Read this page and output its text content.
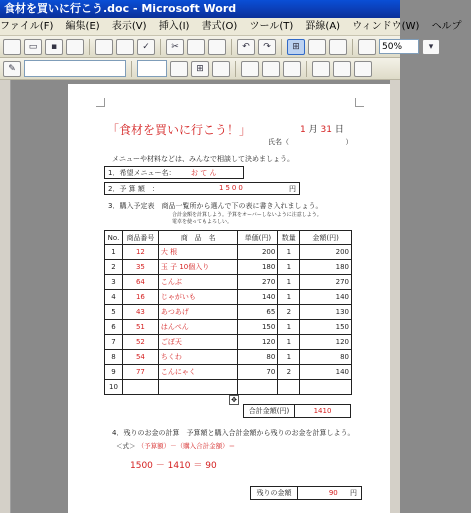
食材を買いに行こう.doc - Microsoft Word
ファイル(F) 編集(E) 表示(V) 挿入(I) 書式(O) ツール(T) 罫線(A) ウィンドウ(W) ヘルプ
▭	▪	✓	✂	↶	↷	⊞	50%	▾
✎	⊞
「食材を買いに行こう！」	1 月 31 日
氏名（	）
メニューや材料などは、みんなで相談して決めましょう。
1．希望メニュー名： お て ん
2．予 算 額　：	1500	円
3．購入予定表　商品一覧所から選んで下の表に書き入れましょう。
合計金額を計算しよう。予算をオーバーしないように注意しよう。
電卓を使ってもよろしい。
No.	商品番号	商　品　名	単価(円)	数量	金額(円)
1	12	大 根	200	1	200
2	35	玉 子 10個入り	180	1	180
3	64	こんぶ	270	1	270
4	16	じゃがいも	140	1	140
5	43	あつあげ	65	2	130
6	51	はんぺん	150	1	150
7	52	ごぼ天	120	1	120
8	54	ちくわ	80	1	80
9	77	こんにゃく	70	2	140
10					
✥
合計金額(円)	1410
4．残りのお金の計算　予算額と購入合計金額から残りのお金を計算しよう。
＜式＞ （予算額）－（購入合計金額）＝
1500 － 1410 ＝ 90
残りの金額	90 円
